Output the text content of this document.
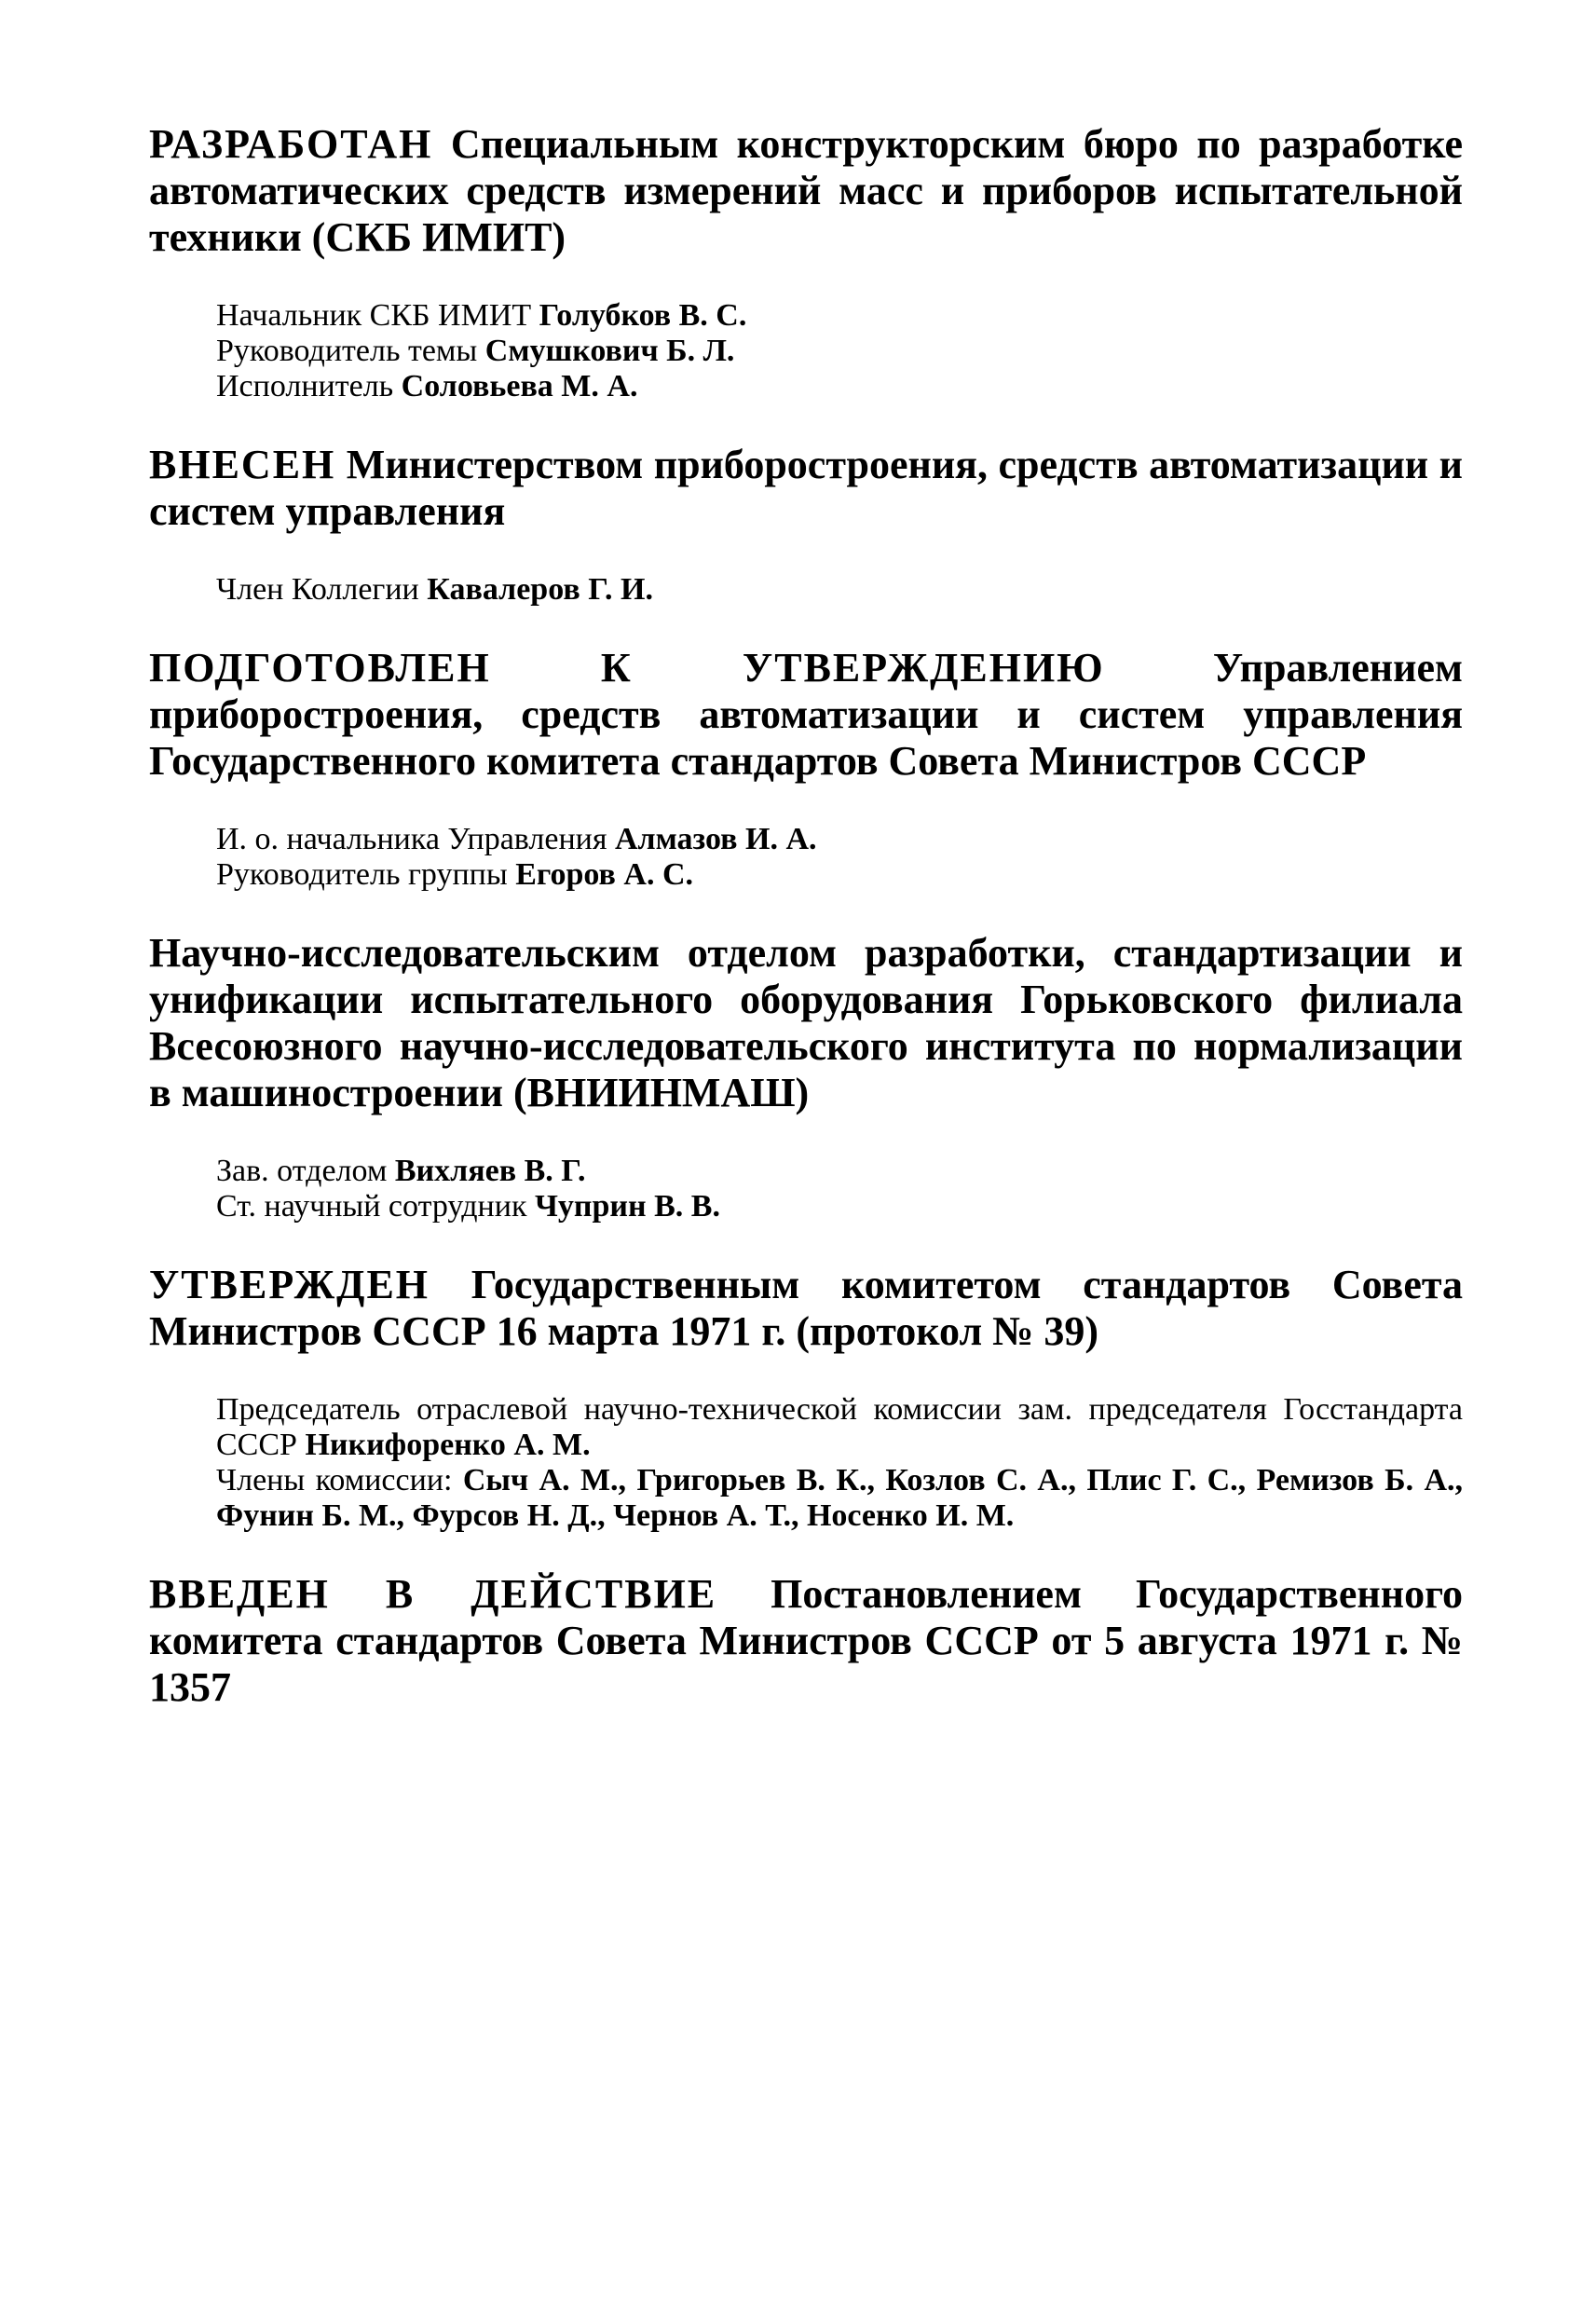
РАЗРАБОТАН Специальным конструкторским бюро по разработке автоматических средств измерений масс и приборов испытательной техники (СКБ ИМИТ)

Начальник СКБ ИМИТ Голубков В. С.
Руководитель темы Смушкович Б. Л.
Исполнитель Соловьева М. А.

ВНЕСЕН Министерством приборостроения, средств автоматизации и систем управления

Член Коллегии Кавалеров Г. И.

ПОДГОТОВЛЕН К УТВЕРЖДЕНИЮ	Управлением приборостроения, средств автоматизации и систем управления Государственного комитета стандартов Совета Министров СССР

И. о. начальника Управления Алмазов И. А.
Руководитель группы Егоров А. С.

Научно-исследовательским отделом разработки, стандартизации и унификации испытательного оборудования Горьковского филиала Всесоюзного научно-исследовательского института по нормализации в машиностроении (ВНИИНМАШ)

Зав. отделом Вихляев В. Г.
Ст. научный сотрудник Чуприн В. В.

УТВЕРЖДЕН Государственным комитетом стандартов Совета Министров СССР 16 марта 1971 г. (протокол № 39)

Председатель отраслевой научно-технической комиссии зам. председателя Госстандарта СССР Никифоренко А. М.
Члены комиссии: Сыч А. М., Григорьев В. К., Козлов С. А., Плис Г. С., Ремизов Б. А., Фунин Б. М., Фурсов Н. Д., Чернов А. Т., Носенко И. М.

ВВЕДЕН В ДЕЙСТВИЕ Постановлением Государственного комитета стандартов Совета Министров СССР от 5 августа 1971 г. № 1357
